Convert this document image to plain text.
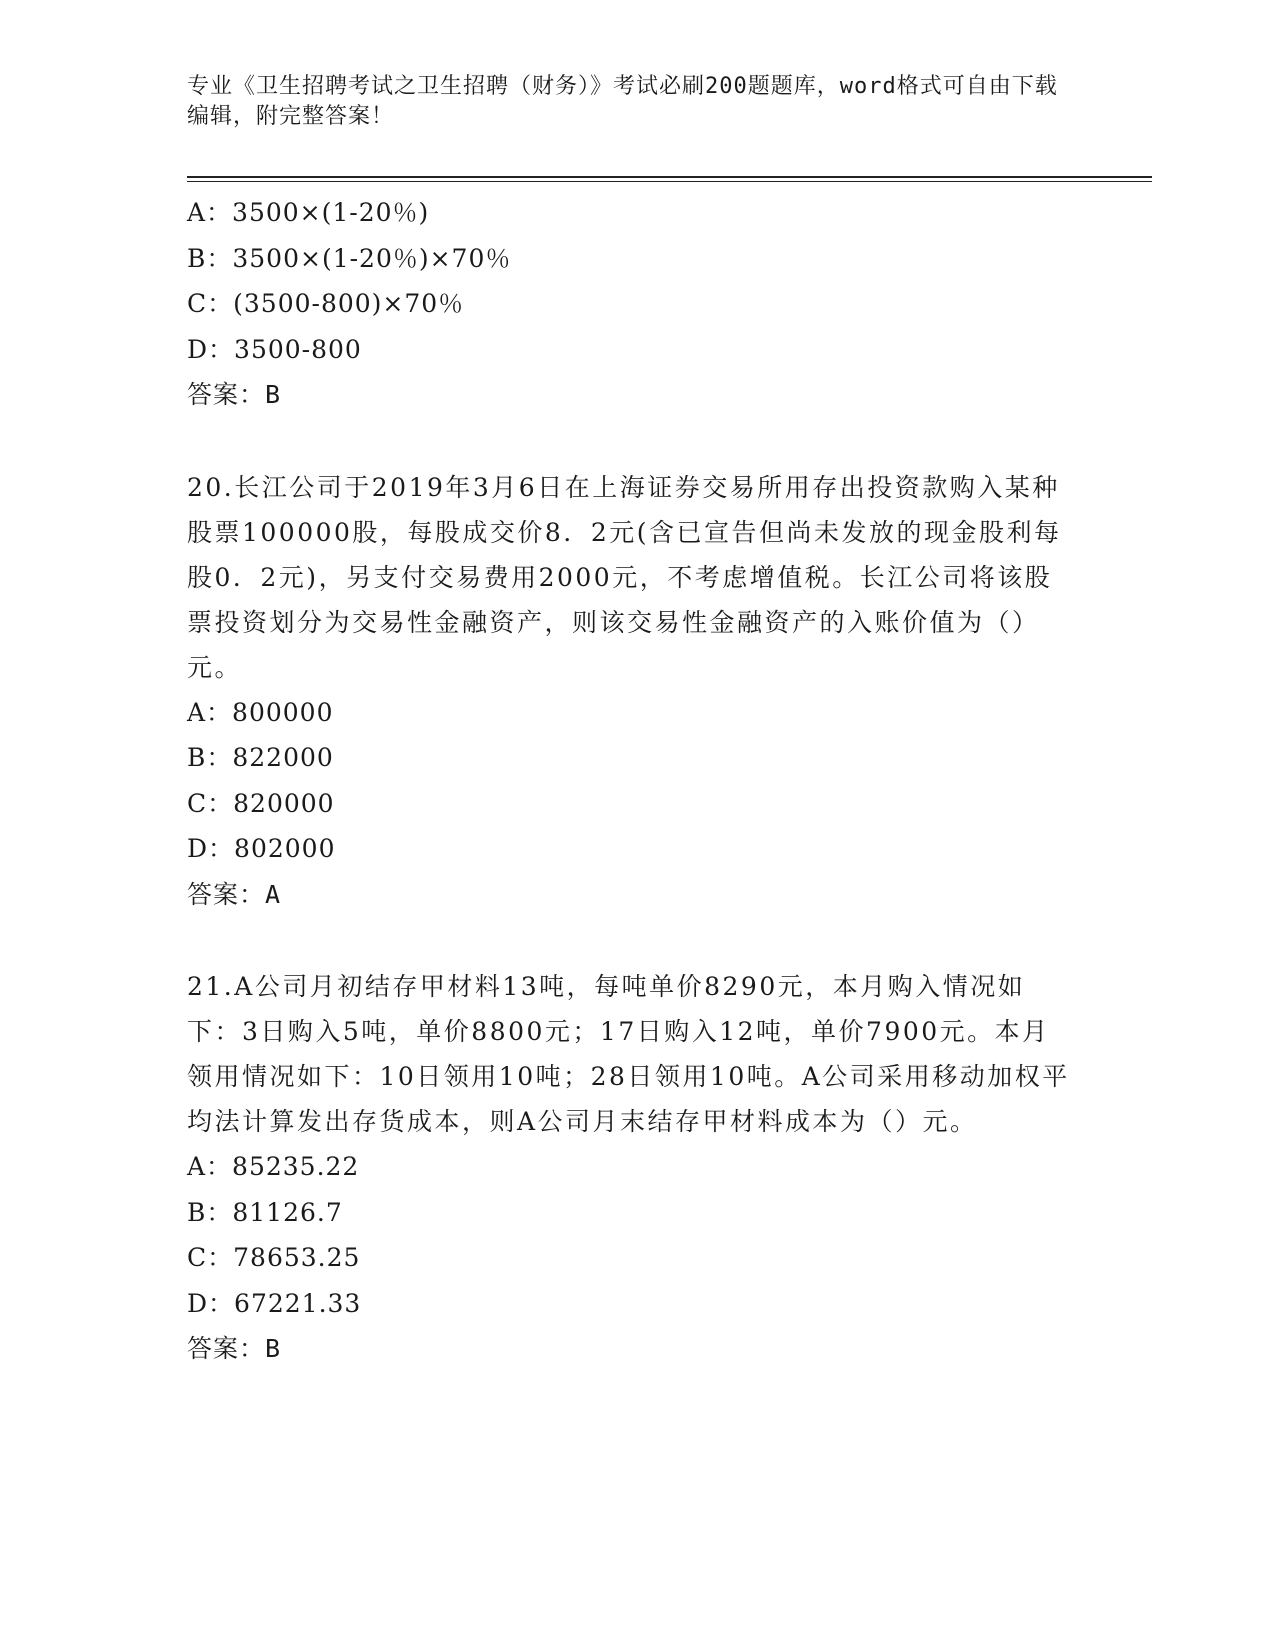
专业《卫生招聘考试之卫生招聘（财务）》考试必刷200题题库，word格式可自由下载编辑，附完整答案！
A：3500×(1-20％)
B：3500×(1-20％)×70％
C：(3500-800)×70％
D：3500-800
答案：B
20.长江公司于2019年3月6日在上海证券交易所用存出投资款购入某种股票100000股，每股成交价8．2元(含已宣告但尚未发放的现金股利每股0．2元)，另支付交易费用2000元，不考虑增值税。长江公司将该股票投资划分为交易性金融资产，则该交易性金融资产的入账价值为（）元。
A：800000
B：822000
C：820000
D：802000
答案：A
21.A公司月初结存甲材料13吨，每吨单价8290元，本月购入情况如下：3日购入5吨，单价8800元；17日购入12吨，单价7900元。本月领用情况如下：10日领用10吨；28日领用10吨。A公司采用移动加权平均法计算发出存货成本，则A公司月末结存甲材料成本为（）元。
A：85235.22
B：81126.7
C：78653.25
D：67221.33
答案：B
